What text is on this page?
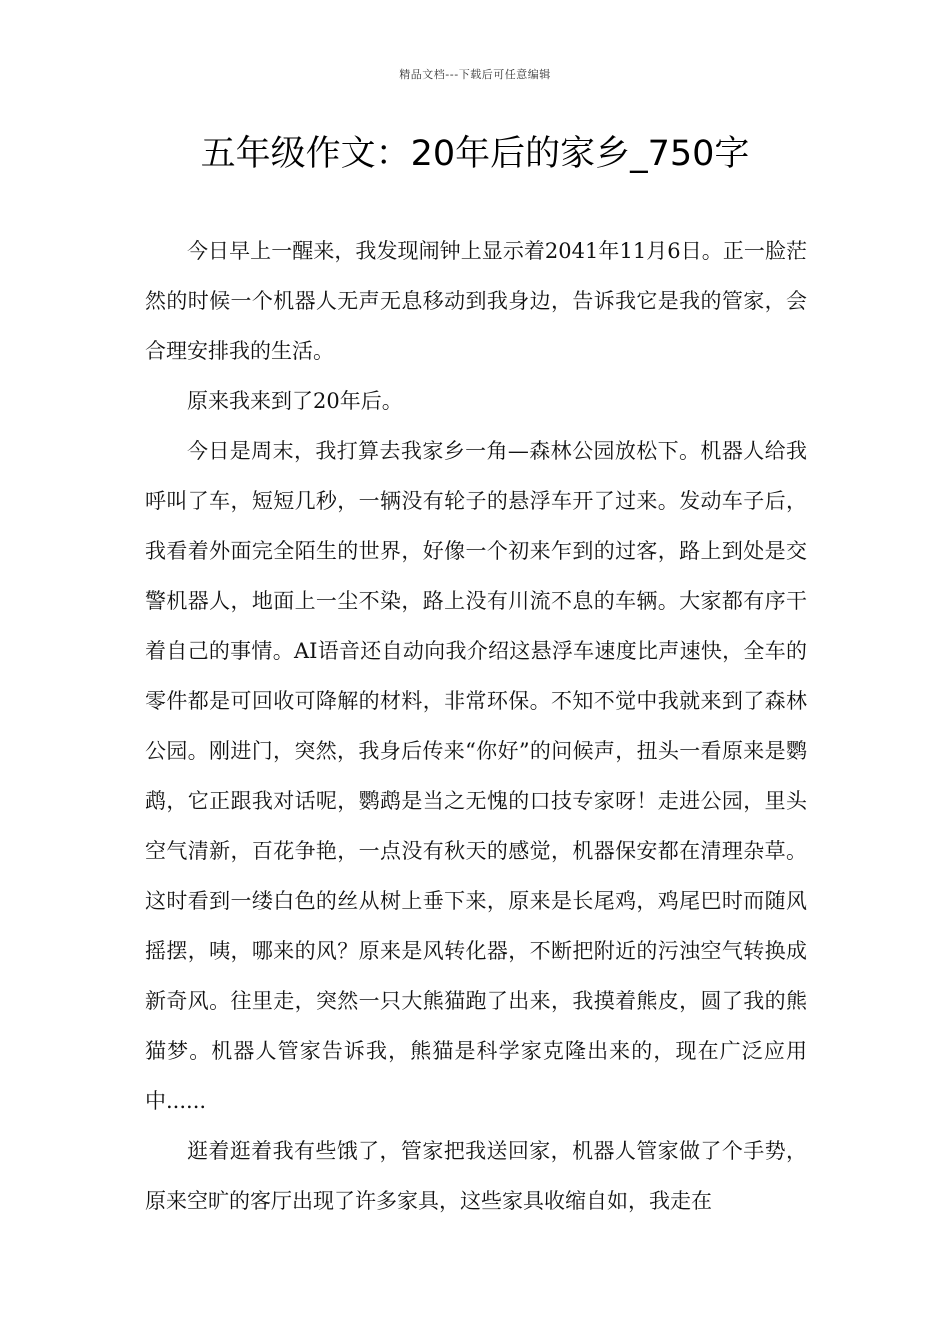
精品文档---下载后可任意编辑
五年级作文：20年后的家乡_750字

今日早上一醒来，我发现闹钟上显示着2041年11月6日。正一脸茫然的时候一个机器人无声无息移动到我身边，告诉我它是我的管家，会合理安排我的生活。

原来我来到了20年后。

今日是周末，我打算去我家乡一角—森林公园放松下。机器人给我呼叫了车，短短几秒，一辆没有轮子的悬浮车开了过来。发动车子后，我看着外面完全陌生的世界，好像一个初来乍到的过客，路上到处是交警机器人，地面上一尘不染，路上没有川流不息的车辆。大家都有序干着自己的事情。AI语音还自动向我介绍这悬浮车速度比声速快，全车的零件都是可回收可降解的材料，非常环保。不知不觉中我就来到了森林公园。刚进门，突然，我身后传来“你好”的问候声，扭头一看原来是鹦鹉，它正跟我对话呢，鹦鹉是当之无愧的口技专家呀！走进公园，里头空气清新，百花争艳，一点没有秋天的感觉，机器保安都在清理杂草。这时看到一缕白色的丝从树上垂下来，原来是长尾鸡，鸡尾巴时而随风摇摆，咦，哪来的风？原来是风转化器，不断把附近的污浊空气转换成新奇风。往里走，突然一只大熊猫跑了出来，我摸着熊皮，圆了我的熊猫梦。机器人管家告诉我，熊猫是科学家克隆出来的，现在广泛应用中......

逛着逛着我有些饿了，管家把我送回家，机器人管家做了个手势，原来空旷的客厅出现了许多家具，这些家具收缩自如，我走在
